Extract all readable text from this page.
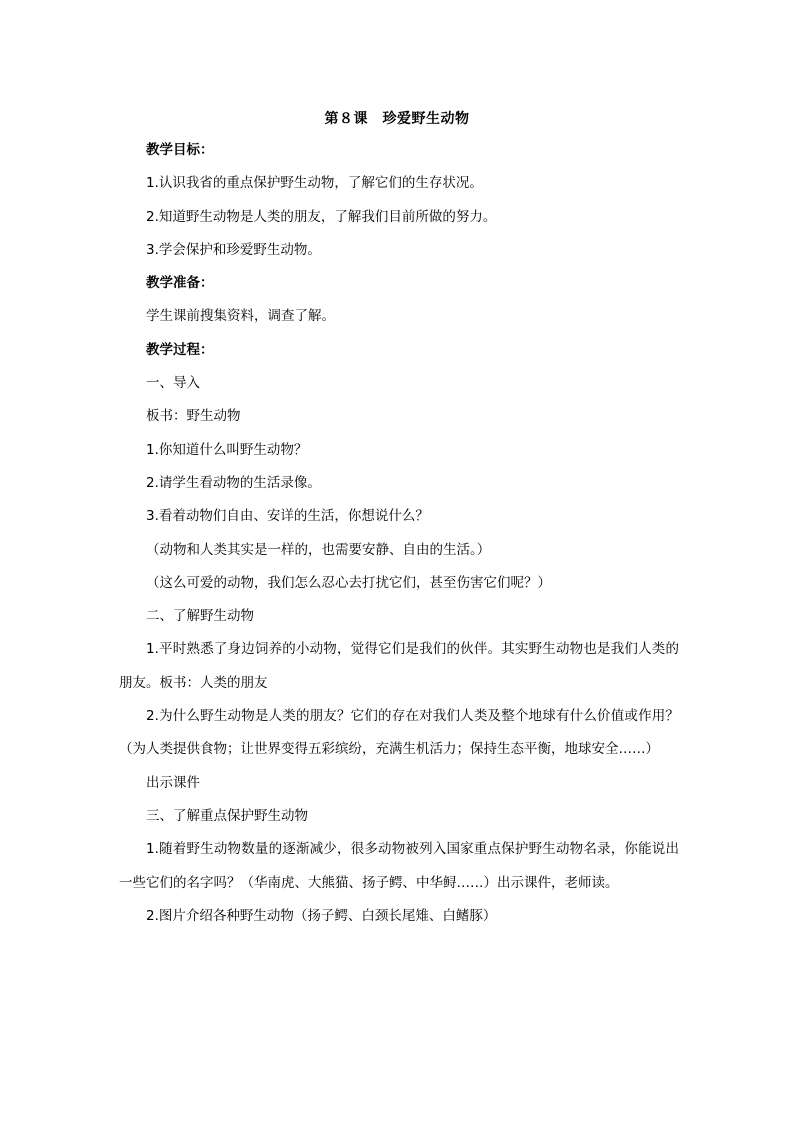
第８课　珍爱野生动物

教学目标：

1.认识我省的重点保护野生动物，了解它们的生存状况。

2.知道野生动物是人类的朋友，了解我们目前所做的努力。

3.学会保护和珍爱野生动物。

教学准备：

学生课前搜集资料，调查了解。

教学过程：

一、导入

板书：野生动物

1.你知道什么叫野生动物？

2.请学生看动物的生活录像。

3.看着动物们自由、安详的生活，你想说什么？

（动物和人类其实是一样的，也需要安静、自由的生活。）

（这么可爱的动物，我们怎么忍心去打扰它们，甚至伤害它们呢？）

二、了解野生动物

1.平时熟悉了身边饲养的小动物，觉得它们是我们的伙伴。其实野生动物也是我们人类的朋友。板书：人类的朋友

2.为什么野生动物是人类的朋友？它们的存在对我们人类及整个地球有什么价值或作用？（为人类提供食物；让世界变得五彩缤纷，充满生机活力；保持生态平衡，地球安全……）

出示课件

三、了解重点保护野生动物

1.随着野生动物数量的逐渐减少，很多动物被列入国家重点保护野生动物名录，你能说出一些它们的名字吗？（华南虎、大熊猫、扬子鳄、中华鲟……）出示课件，老师读。

2.图片介绍各种野生动物（扬子鳄、白颈长尾雉、白鳍豚）
